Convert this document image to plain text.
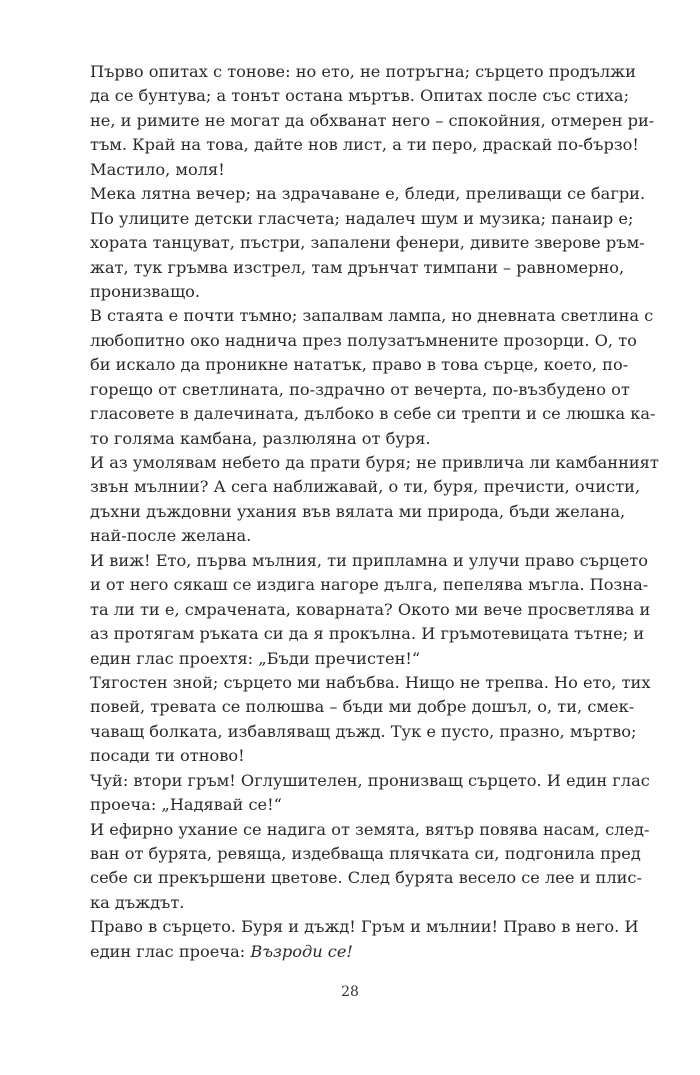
Първо опитах с тонове: но ето, не потръгна; сърцето продължи
да се бунтува; а тонът остана мъртъв. Опитах после със стиха;
не, и римите не могат да обхванат него – спокойния, отмерен ри-
тъм. Край на това, дайте нов лист, а ти перо, драскай по-бързо!
Мастило, моля!
Мека лятна вечер; на здрачаване е, бледи, преливащи се багри.
По улиците детски гласчета; надалеч шум и музика; панаир е;
хората танцуват, пъстри, запалени фенери, дивите зверове ръм-
жат, тук гръмва изстрел, там дрънчат тимпани – равномерно,
пронизващо.
В стаята е почти тъмно; запалвам лампа, но дневната светлина с
любопитно око надничa през полузатъмнените прозорци. О, то
би искало да проникне нататък, право в това сърце, което, по-
горещо от светлината, по-здрачно от вечерта, по-възбудено от
гласовете в далечината, дълбоко в себе си трепти и се люшка ка-
то голяма камбана, разлюляна от буря.
И аз умолявам небето да прати буря; не привлича ли камбанният
звън мълнии? А сега наближавай, о ти, буря, пречисти, очисти,
дъхни дъждовни ухания във вялата ми природа, бъди желана,
най-после желана.
И виж! Ето, първа мълния, ти припламна и улучи право сърцето
и от него сякаш се издига нагоре дълга, пепелява мъгла. Позна-
та ли ти е, смрачената, коварната? Окото ми вече просветлява и
аз протягам ръката си да я прокълна. И гръмотевицата тътне; и
един глас проехтя: „Бъди пречистен!“
Тягостен зной; сърцето ми набъбва. Нищо не трепва. Но ето, тих
повей, тревата се полюшва – бъди ми добре дошъл, о, ти, смек-
чаващ болката, избавляващ дъжд. Тук е пусто, празно, мъртво;
посади ти отново!
Чуй: втори гръм! Оглушителен, пронизващ сърцето. И един глас
проеча: „Надявай се!“
И ефирно ухание се надига от земята, вятър повява насам, след-
ван от бурята, ревяща, издебваща плячката си, подгонила пред
себе си прекършени цветове. След бурята весело се лее и плис-
ка дъждът.
Право в сърцето. Буря и дъжд! Гръм и мълнии! Право в него. И
един глас проеча: Възроди се!
28
